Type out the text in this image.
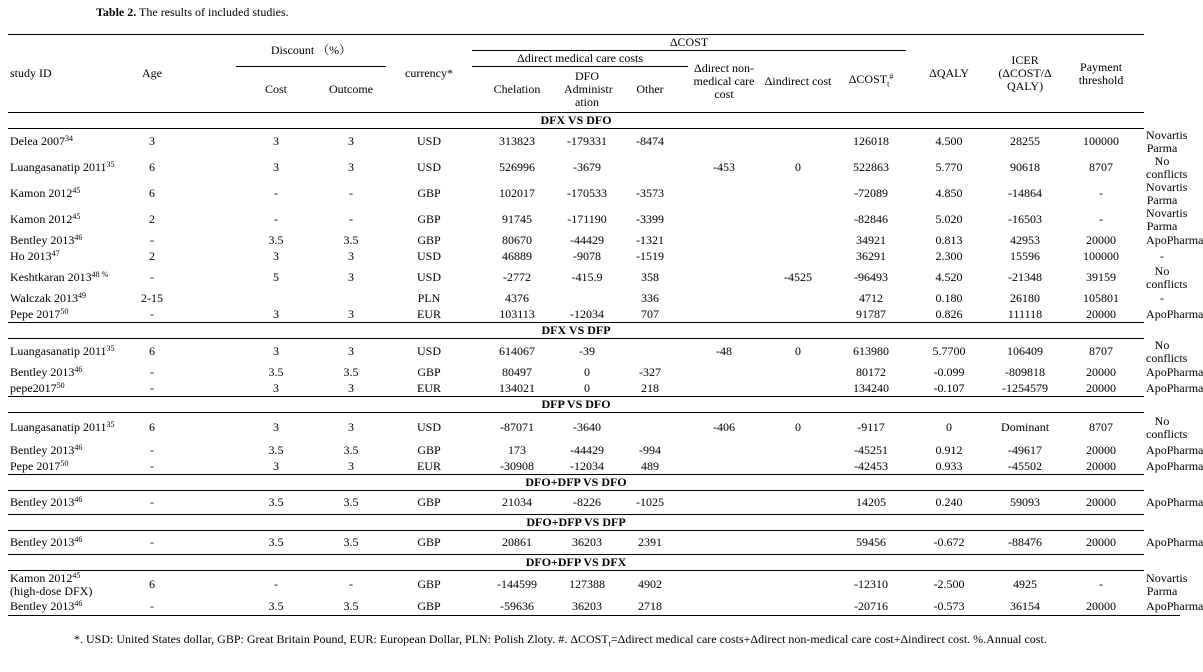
Table 2. The results of included studies.
study ID	Age		Discount （%）		currency*	ΔCOST						ΔQALY	ICER (ΔCOST/Δ QALY)	Payment threshold	
						Δdirect medical care costs			Δdirect non-medical care cost	Δindirect cost	$\Delta COST_t^{\#}$
			Cost	Outcome		Chelation	DFO Administr ation	Other							
DFX VS DFO															
Delea 2007$^{34}$	3		3	3	USD	313823	-179331	-8474			126018	4.500	28255	100000	Novartis Parma
Luangasanatip 2011$^{35}$	6		3	3	USD	526996	-3679		-453	0	522863	5.770	90618	8707	No conflicts
Kamon 2012$^{45}$	6		-	-	GBP	102017	-170533	-3573			-72089	4.850	-14864	-	Novartis Parma
Kamon 2012$^{45}$	2		-	-	GBP	91745	-171190	-3399			-82846	5.020	-16503	-	Novartis Parma
Bentley 2013$^{46}$	-		3.5	3.5	GBP	80670	-44429	-1321			34921	0.813	42953	20000	ApoPharma
Ho 2013$^{47}$	2		3	3	USD	46889	-9078	-1519			36291	2.300	15596	100000	-
Keshtkaran $2013^{48 \%}$	-		5	3	USD	-2772	-415.9	358		-4525	-96493	4.520	-21348	39159	No conflicts
Walczak 2013$^{49}$	2-15				PLN	4376		336			4712	0.180	26180	105801	-
Pepe 2017$^{50}$	-		3	3	EUR	103113	-12034	707			91787	0.826	111118	20000	ApoPharma
DFX VS DFP															
Luangasanatip 2011$^{35}$	6		3	3	USD	614067	-39		-48	0	613980	5.7700	106409	8707	No conflicts
Bentley 2013$^{46}$	-		3.5	3.5	GBP	80497	0	-327			80172	-0.099	-809818	20000	ApoPharma
pepe2017$^{50}$	-		3	3	EUR	134021	0	218			134240	-0.107	-1254579	20000	ApoPharma
DFP VS DFO															
Luangasanatip 2011$^{35}$	6		3	3	USD	-87071	-3640		-406	0	-9117	0	Dominant	8707	No conflicts
Bentley 2013$^{46}$	-		3.5	3.5	GBP	173	-44429	-994			-45251	0.912	-49617	20000	ApoPharma
Pepe 2017$^{50}$	-		3	3	EUR	-30908	-12034	489			-42453	0.933	-45502	20000	ApoPharma
DFO+DFP VS DFO															
Bentley 2013$^{46}$	-		3.5	3.5	GBP	21034	-8226	-1025			14205	0.240	59093	20000	ApoPharma
DFO+DFP VS DFP															
Bentley 2013$^{46}$	-		3.5	3.5	GBP	20861	36203	2391			59456	-0.672	-88476	20000	ApoPharma
DFO+DFP VS DFX															
Kamon 2012$^{45}$
(high-dose DFX)	6		-	-	GBP	-144599	127388	4902			-12310	-2.500	4925	-	Novartis Parma
Bentley 2013$^{46}$	-		3.5	3.5	GBP	-59636	36203	2718			-20716	-0.573	36154	20000	ApoPharma
*. USD: United States dollar, GBP: Great Britain Pound, EUR: European Dollar, PLN: Polish Zloty. #. $\Delta COST_t=\Delta direct$ medical care costs+Δdirect non-medical care cost+Δindirect cost. %.Annual cost.
